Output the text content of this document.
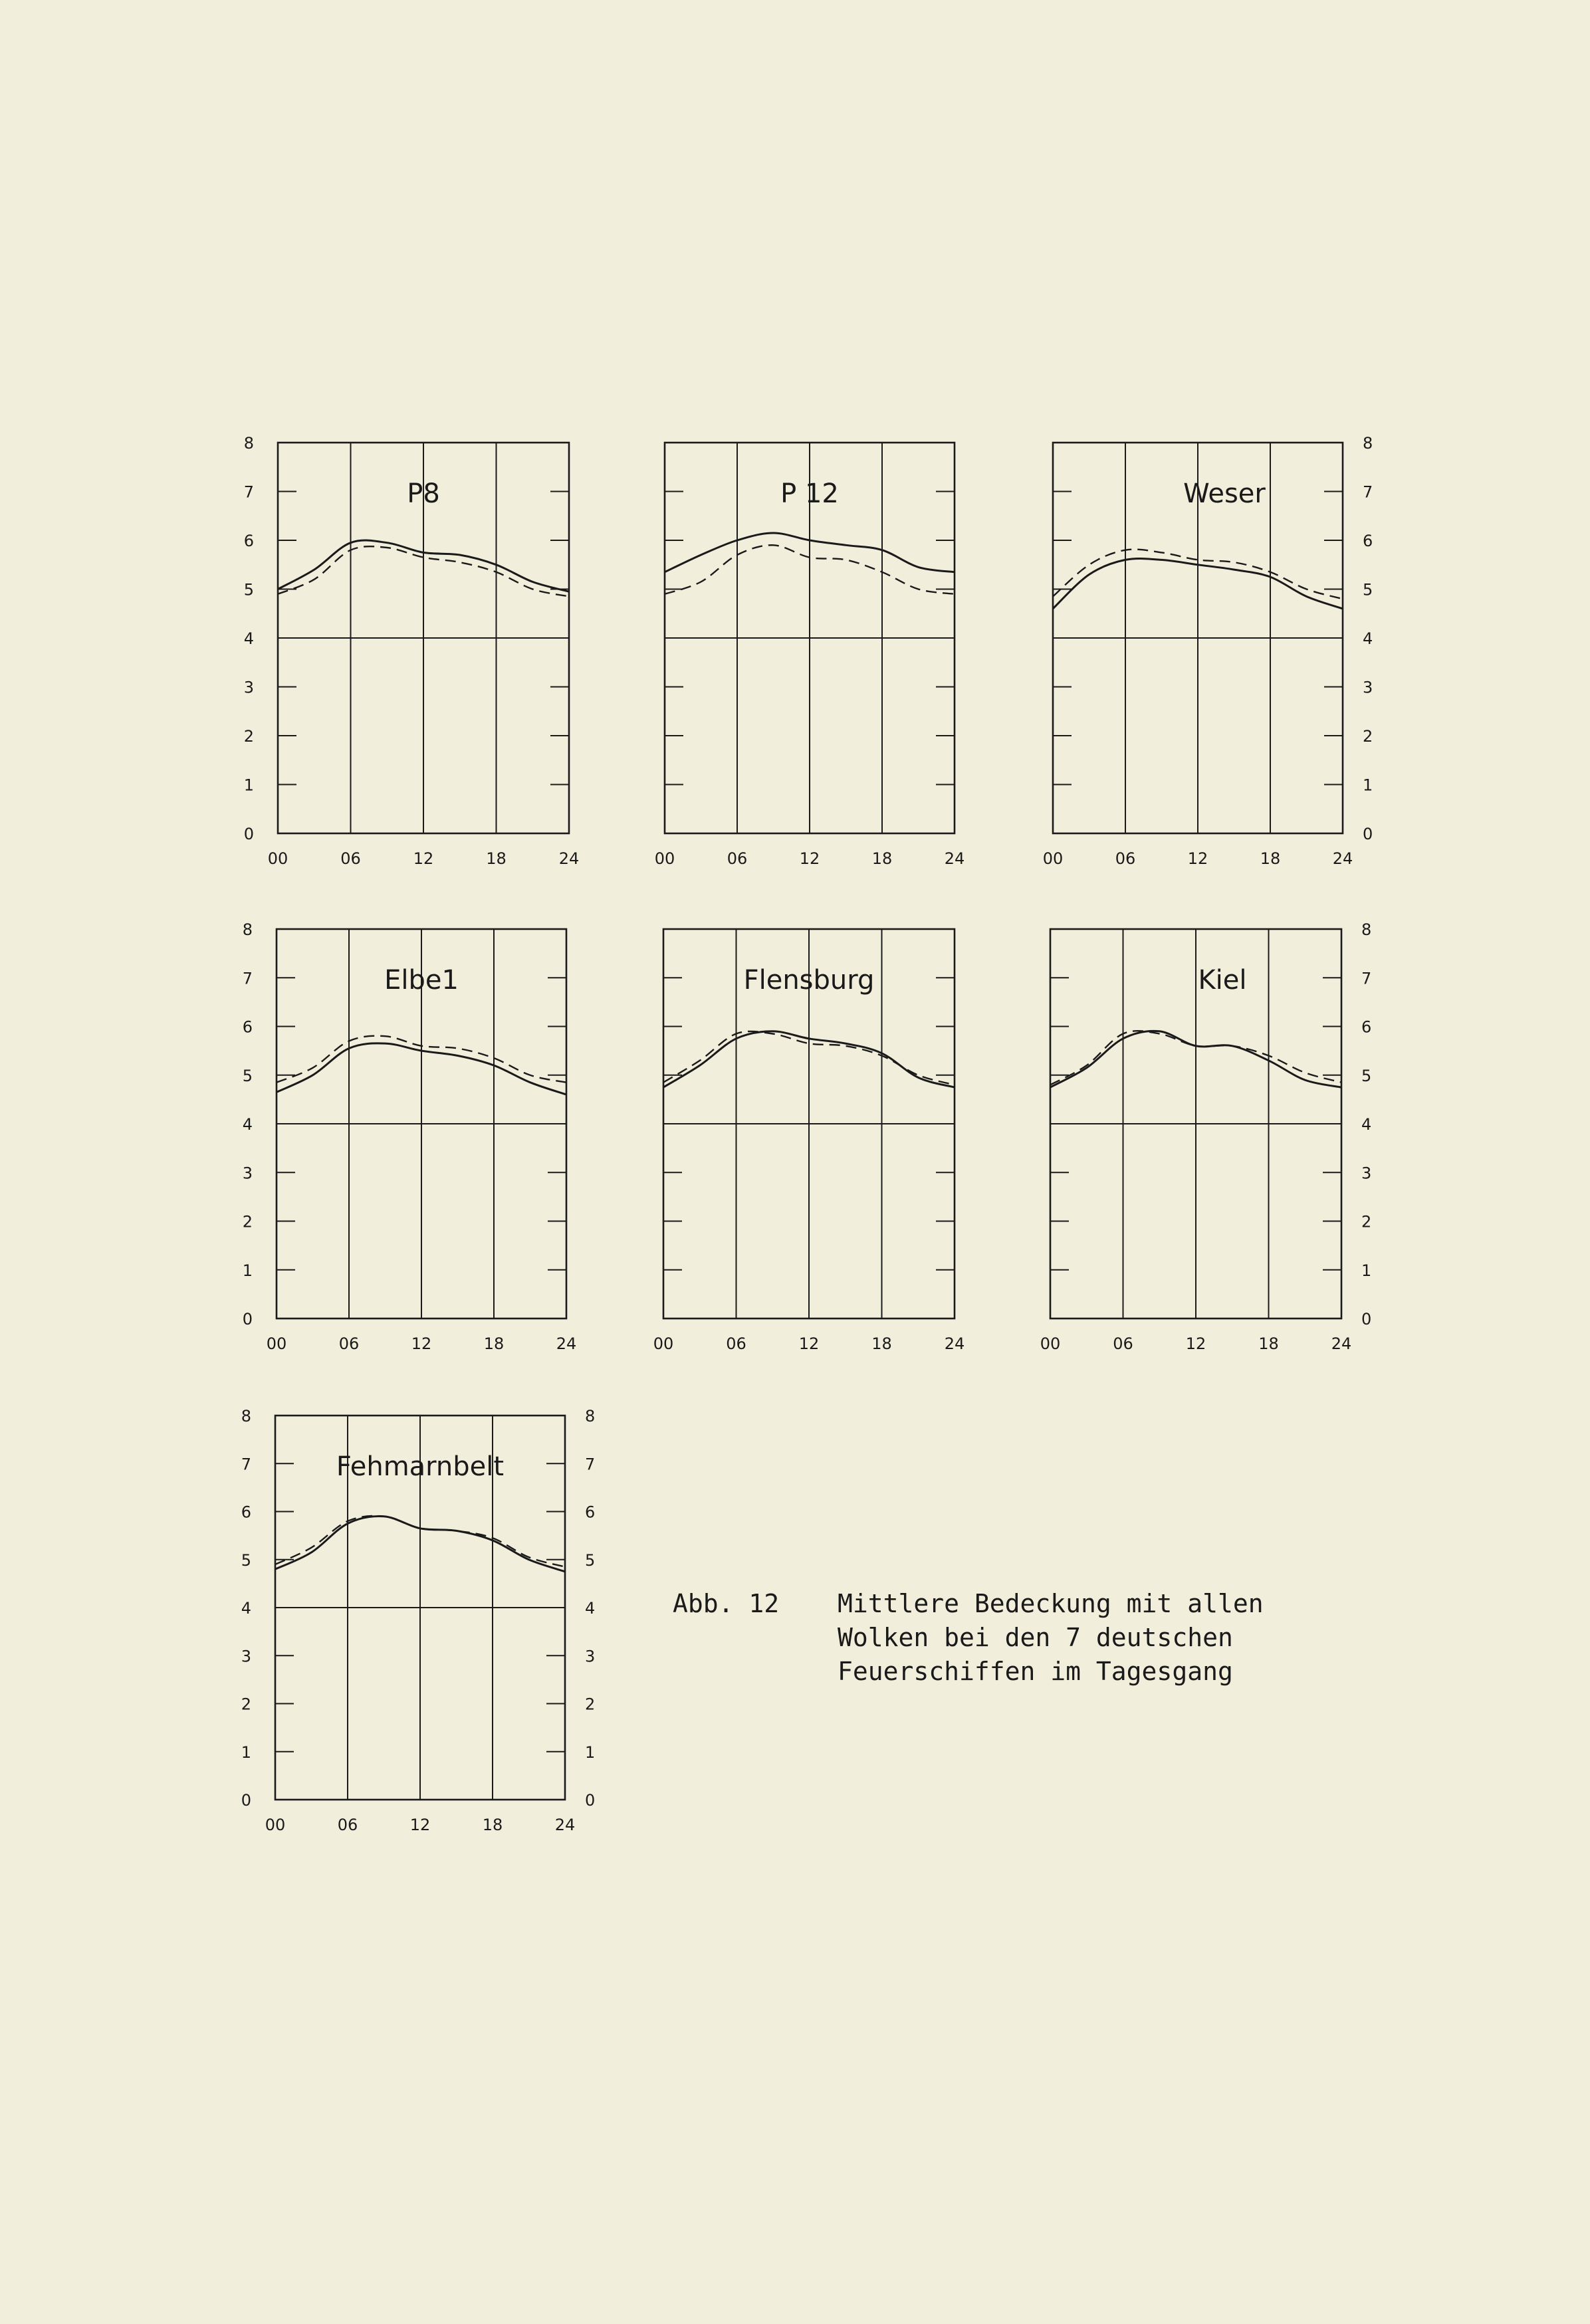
0
1
2
3
4
5
6
7
8
00	06	12	18	24
P8
00	06	12	18	24
P 12
0
1
2
3
4
5
6
7
8
00	06	12	18	24
Weser
0
1
2
3
4
5
6
7
8
00	06	12	18	24
Elbe1
00	06	12	18	24
Flensburg
0
1
2
3
4
5
6
7
8
00	06	12	18	24
Kiel
0	0
1	1
2	2
3	3
4	4
5	5
6	6
7	7
8	8
00	06	12	18	24
Fehmarnbelt
Abb. 12 Mittlere Bedeckung mit allen
Wolken bei den 7 deutschen
Feuerschiffen im Tagesgang
